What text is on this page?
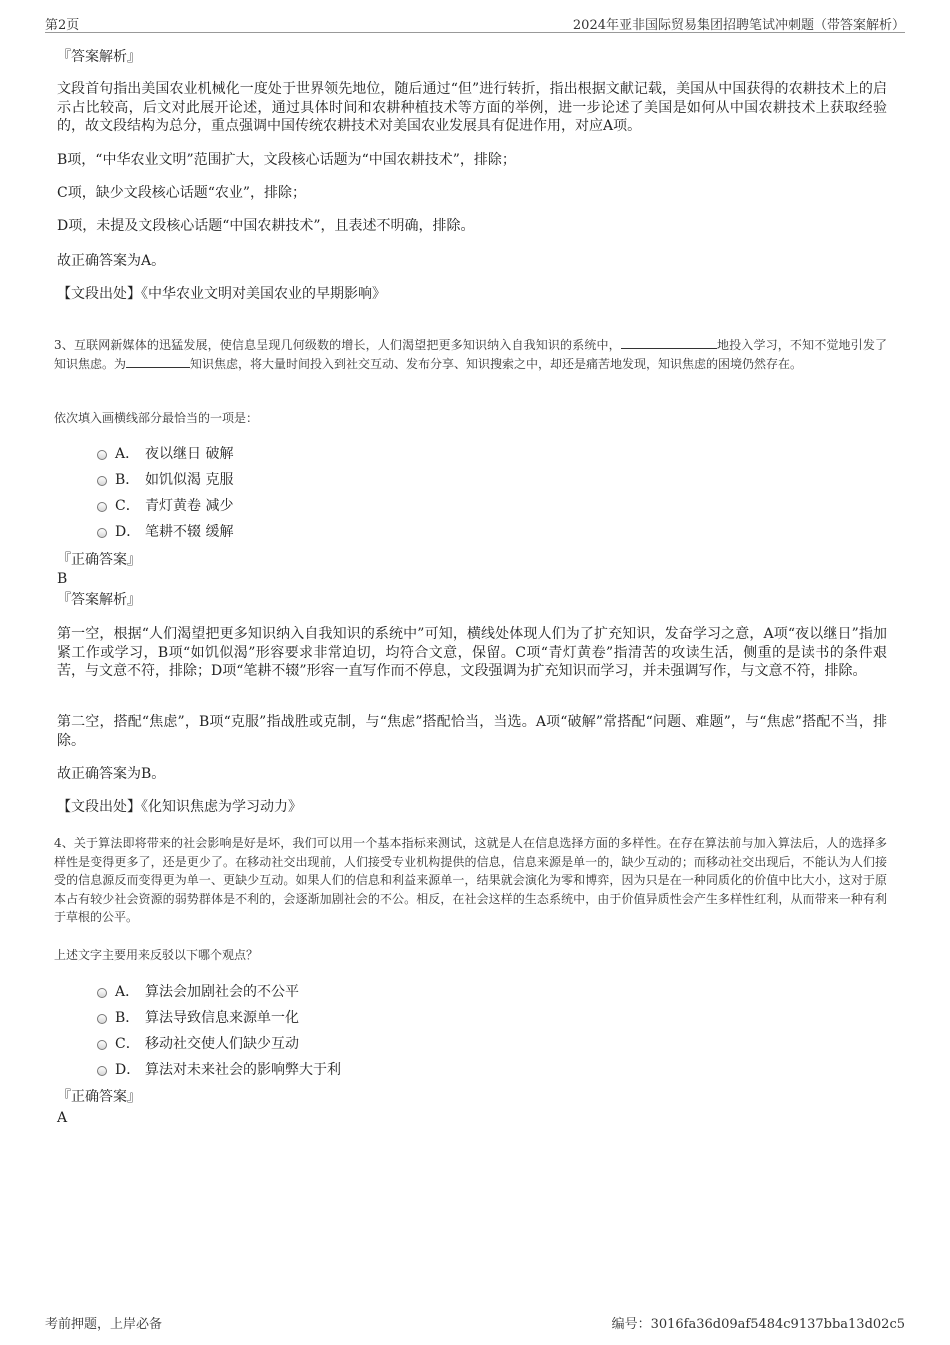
第2页	2024年亚非国际贸易集团招聘笔试冲刺题（带答案解析）
『答案解析』
文段首句指出美国农业机械化一度处于世界领先地位，随后通过“但”进行转折，指出根据文献记载，美国从中国获得的农耕技术上的启示占比较高，后文对此展开论述，通过具体时间和农耕种植技术等方面的举例，进一步论述了美国是如何从中国农耕技术上获取经验的，故文段结构为总分，重点强调中国传统农耕技术对美国农业发展具有促进作用，对应A项。
B项，“中华农业文明”范围扩大，文段核心话题为“中国农耕技术”，排除；
C项，缺少文段核心话题“农业”，排除；
D项，未提及文段核心话题“中国农耕技术”，且表述不明确，排除。
故正确答案为A。
【文段出处】《中华农业文明对美国农业的早期影响》
3、互联网新媒体的迅猛发展，使信息呈现几何级数的增长，人们渴望把更多知识纳入自我知识的系统中，	地投入学习，不知不觉地引发了知识焦虑。为	知识焦虑，将大量时间投入到社交互动、发布分享、知识搜索之中，却还是痛苦地发现，知识焦虑的困境仍然存在。
依次填入画横线部分最恰当的一项是：
A． 夜以继日 破解
B． 如饥似渴 克服
C． 青灯黄卷 减少
D． 笔耕不辍 缓解
『正确答案』
B
『答案解析』
第一空，根据“人们渴望把更多知识纳入自我知识的系统中”可知，横线处体现人们为了扩充知识，发奋学习之意，A项“夜以继日”指加紧工作或学习，B项“如饥似渴”形容要求非常迫切，均符合文意，保留。C项“青灯黄卷”指清苦的攻读生活，侧重的是读书的条件艰苦，与文意不符，排除；D项“笔耕不辍”形容一直写作而不停息，文段强调为扩充知识而学习，并未强调写作，与文意不符，排除。
第二空，搭配“焦虑”，B项“克服”指战胜或克制，与“焦虑”搭配恰当，当选。A项“破解”常搭配“问题、难题”，与“焦虑”搭配不当，排除。
故正确答案为B。
【文段出处】《化知识焦虑为学习动力》
4、关于算法即将带来的社会影响是好是坏，我们可以用一个基本指标来测试，这就是人在信息选择方面的多样性。在存在算法前与加入算法后，人的选择多样性是变得更多了，还是更少了。在移动社交出现前，人们接受专业机构提供的信息，信息来源是单一的，缺少互动的；而移动社交出现后，不能认为人们接受的信息源反而变得更为单一、更缺少互动。如果人们的信息和利益来源单一，结果就会演化为零和博弈，因为只是在一种同质化的价值中比大小，这对于原本占有较少社会资源的弱势群体是不利的，会逐渐加剧社会的不公。相反，在社会这样的生态系统中，由于价值异质性会产生多样性红利，从而带来一种有利于草根的公平。
上述文字主要用来反驳以下哪个观点？
A． 算法会加剧社会的不公平
B． 算法导致信息来源单一化
C． 移动社交使人们缺少互动
D． 算法对未来社会的影响弊大于利
『正确答案』
A
考前押题，上岸必备	编号：3016fa36d09af5484c9137bba13d02c5
